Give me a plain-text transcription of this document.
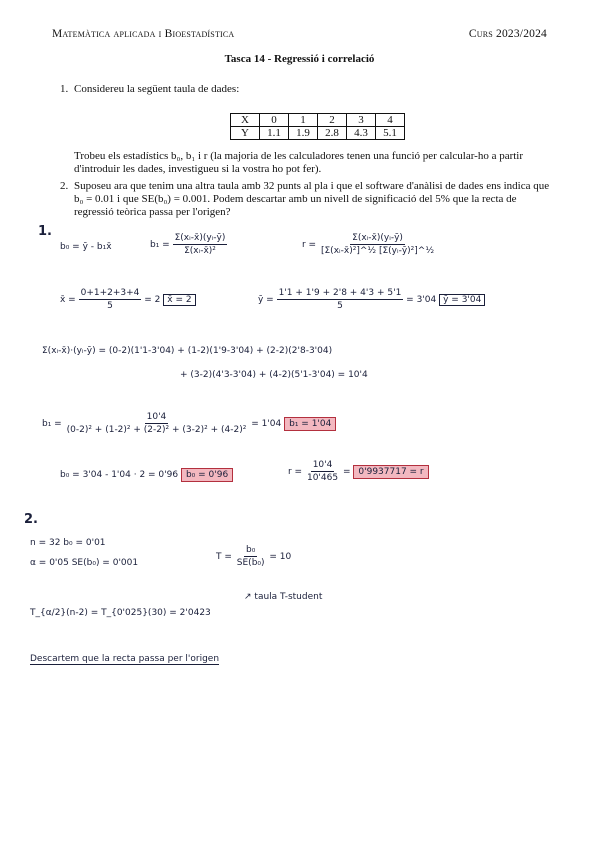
Matemàtica aplicada i Bioestadística	Curs 2023/2024
Tasca 14 - Regressió i correlació
1. Considereu la següent taula de dades:
X	0	1	2	3	4
Y	1.1	1.9	2.8	4.3	5.1
Trobeu els estadístics b₀, b₁ i r (la majoria de les calculadores tenen una funció per calcular-ho a partir d'introduir les dades, investigueu si la vostra ho pot fer).
2. Suposeu ara que tenim una altra taula amb 32 punts al pla i que el software d'anàlisi de dades ens indica que b₀ = 0.01 i que SE(b₀) = 0.001. Podem descartar amb un nivell de significació del 5% que la recta de regressió teòrica passa per l'origen?
1.
b₀ = ȳ - b₁x̄	$b_1 = \frac{\text{Σ(xᵢ-x̄)(yᵢ-ȳ)}}{\text{Σ(xᵢ-x̄)²}}$	$r = \frac{\text{Σ(xᵢ-x̄)(yᵢ-ȳ)}}{\text{[Σ(xᵢ-x̄)²]\textasciicircum{}½ [Σ(yᵢ-ȳ)²]\textasciicircum{}½}}$
x̄ = $\frac{0+1+2+3+4}{5} = 2$ x̄ = 2	ȳ = $\frac{1'1 + 1'9 + 2'8 + 4'3 + 5'1}{5} = 3'04$ ȳ = 3'04
Σ(xᵢ-x̄)·(yᵢ-ȳ) = (0-2)(1'1-3'04) + (1-2)(1'9-3'04) + (2-2)(2'8-3'04)
+ (3-2)(4'3-3'04) + (4-2)(5'1-3'04) = 10'4
$b_1 = \frac{10'4}{\text{(0-2)² + (1-2)² + (2-2)² + (3-2)² + (4-2)²}} = 1'04$ b₁ = 1'04
b₀ = 3'04 - 1'04 · 2 = 0'96 b₀ = 0'96	$r = \frac{10'4}{10'465} = 0'9937717 = r$
2.
n = 32 b₀ = 0'01
α = 0'05 SE(b₀) = 0'001
$T = \frac{\text{b₀}}{\text{SE(b₀)}} = 10$
↗ taula T-student
T_{α/2}(n-2) = T_{0'025}(30) = 2'0423
Descartem que la recta passa per l'origen
